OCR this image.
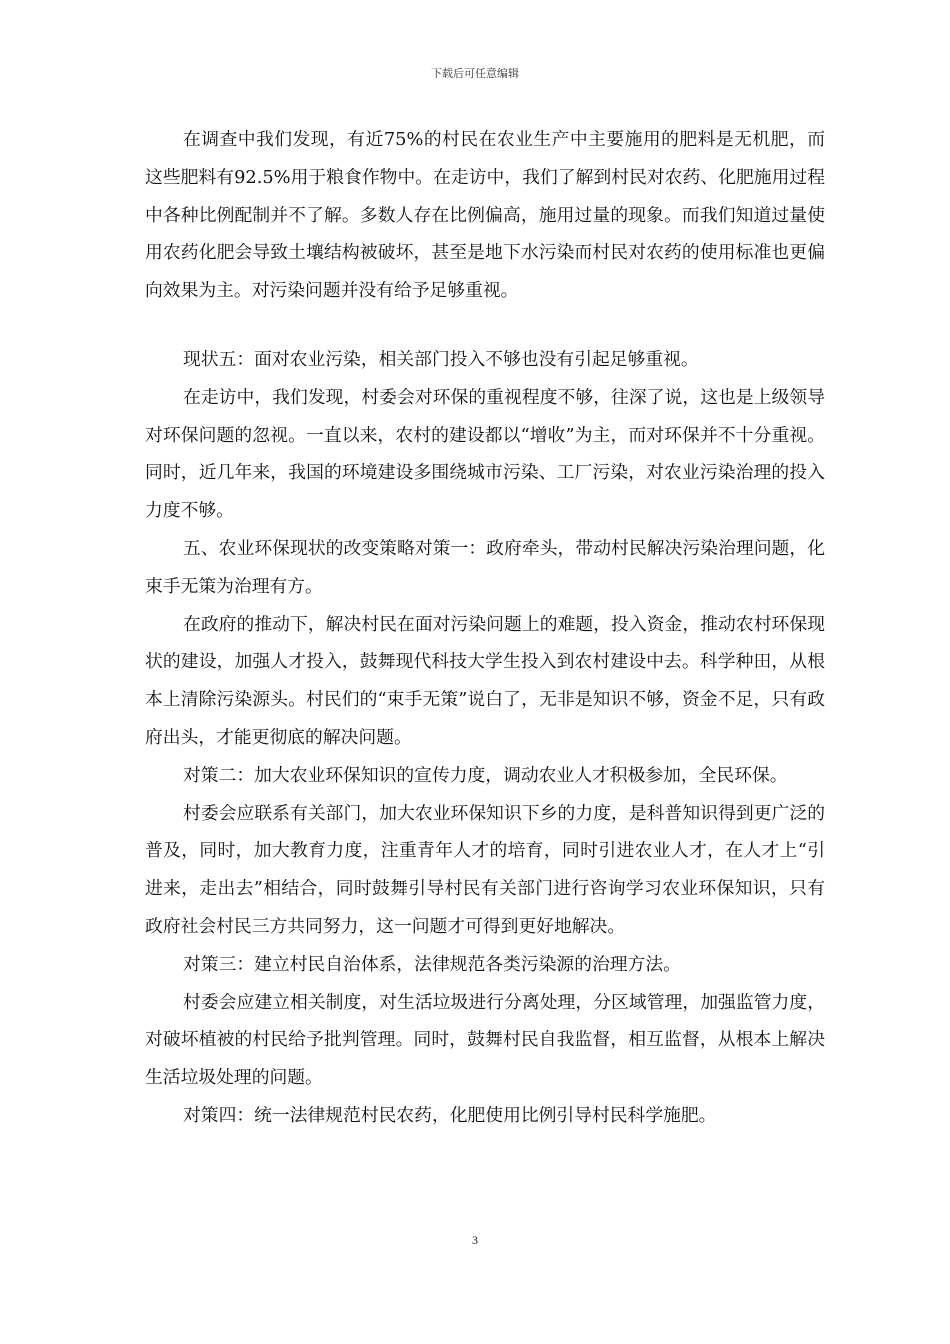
下载后可任意编辑

在调查中我们发现，有近75%的村民在农业生产中主要施用的肥料是无机肥，而这些肥料有92.5%用于粮食作物中。在走访中，我们了解到村民对农药、化肥施用过程中各种比例配制并不了解。多数人存在比例偏高，施用过量的现象。而我们知道过量使用农药化肥会导致土壤结构被破坏，甚至是地下水污染而村民对农药的使用标准也更偏向效果为主。对污染问题并没有给予足够重视。

现状五：面对农业污染，相关部门投入不够也没有引起足够重视。

在走访中，我们发现，村委会对环保的重视程度不够，往深了说，这也是上级领导对环保问题的忽视。一直以来，农村的建设都以“增收”为主，而对环保并不十分重视。同时，近几年来，我国的环境建设多围绕城市污染、工厂污染，对农业污染治理的投入力度不够。

五、农业环保现状的改变策略对策一：政府牵头，带动村民解决污染治理问题，化束手无策为治理有方。

在政府的推动下，解决村民在面对污染问题上的难题，投入资金，推动农村环保现状的建设，加强人才投入，鼓舞现代科技大学生投入到农村建设中去。科学种田，从根本上清除污染源头。村民们的“束手无策”说白了，无非是知识不够，资金不足，只有政府出头，才能更彻底的解决问题。

对策二：加大农业环保知识的宣传力度，调动农业人才积极参加，全民环保。

村委会应联系有关部门，加大农业环保知识下乡的力度，是科普知识得到更广泛的普及，同时，加大教育力度，注重青年人才的培育，同时引进农业人才，在人才上“引进来，走出去”相结合，同时鼓舞引导村民有关部门进行咨询学习农业环保知识，只有政府社会村民三方共同努力，这一问题才可得到更好地解决。

对策三：建立村民自治体系，法律规范各类污染源的治理方法。

村委会应建立相关制度，对生活垃圾进行分离处理，分区域管理，加强监管力度，对破坏植被的村民给予批判管理。同时，鼓舞村民自我监督，相互监督，从根本上解决生活垃圾处理的问题。

对策四：统一法律规范村民农药，化肥使用比例引导村民科学施肥。

3
